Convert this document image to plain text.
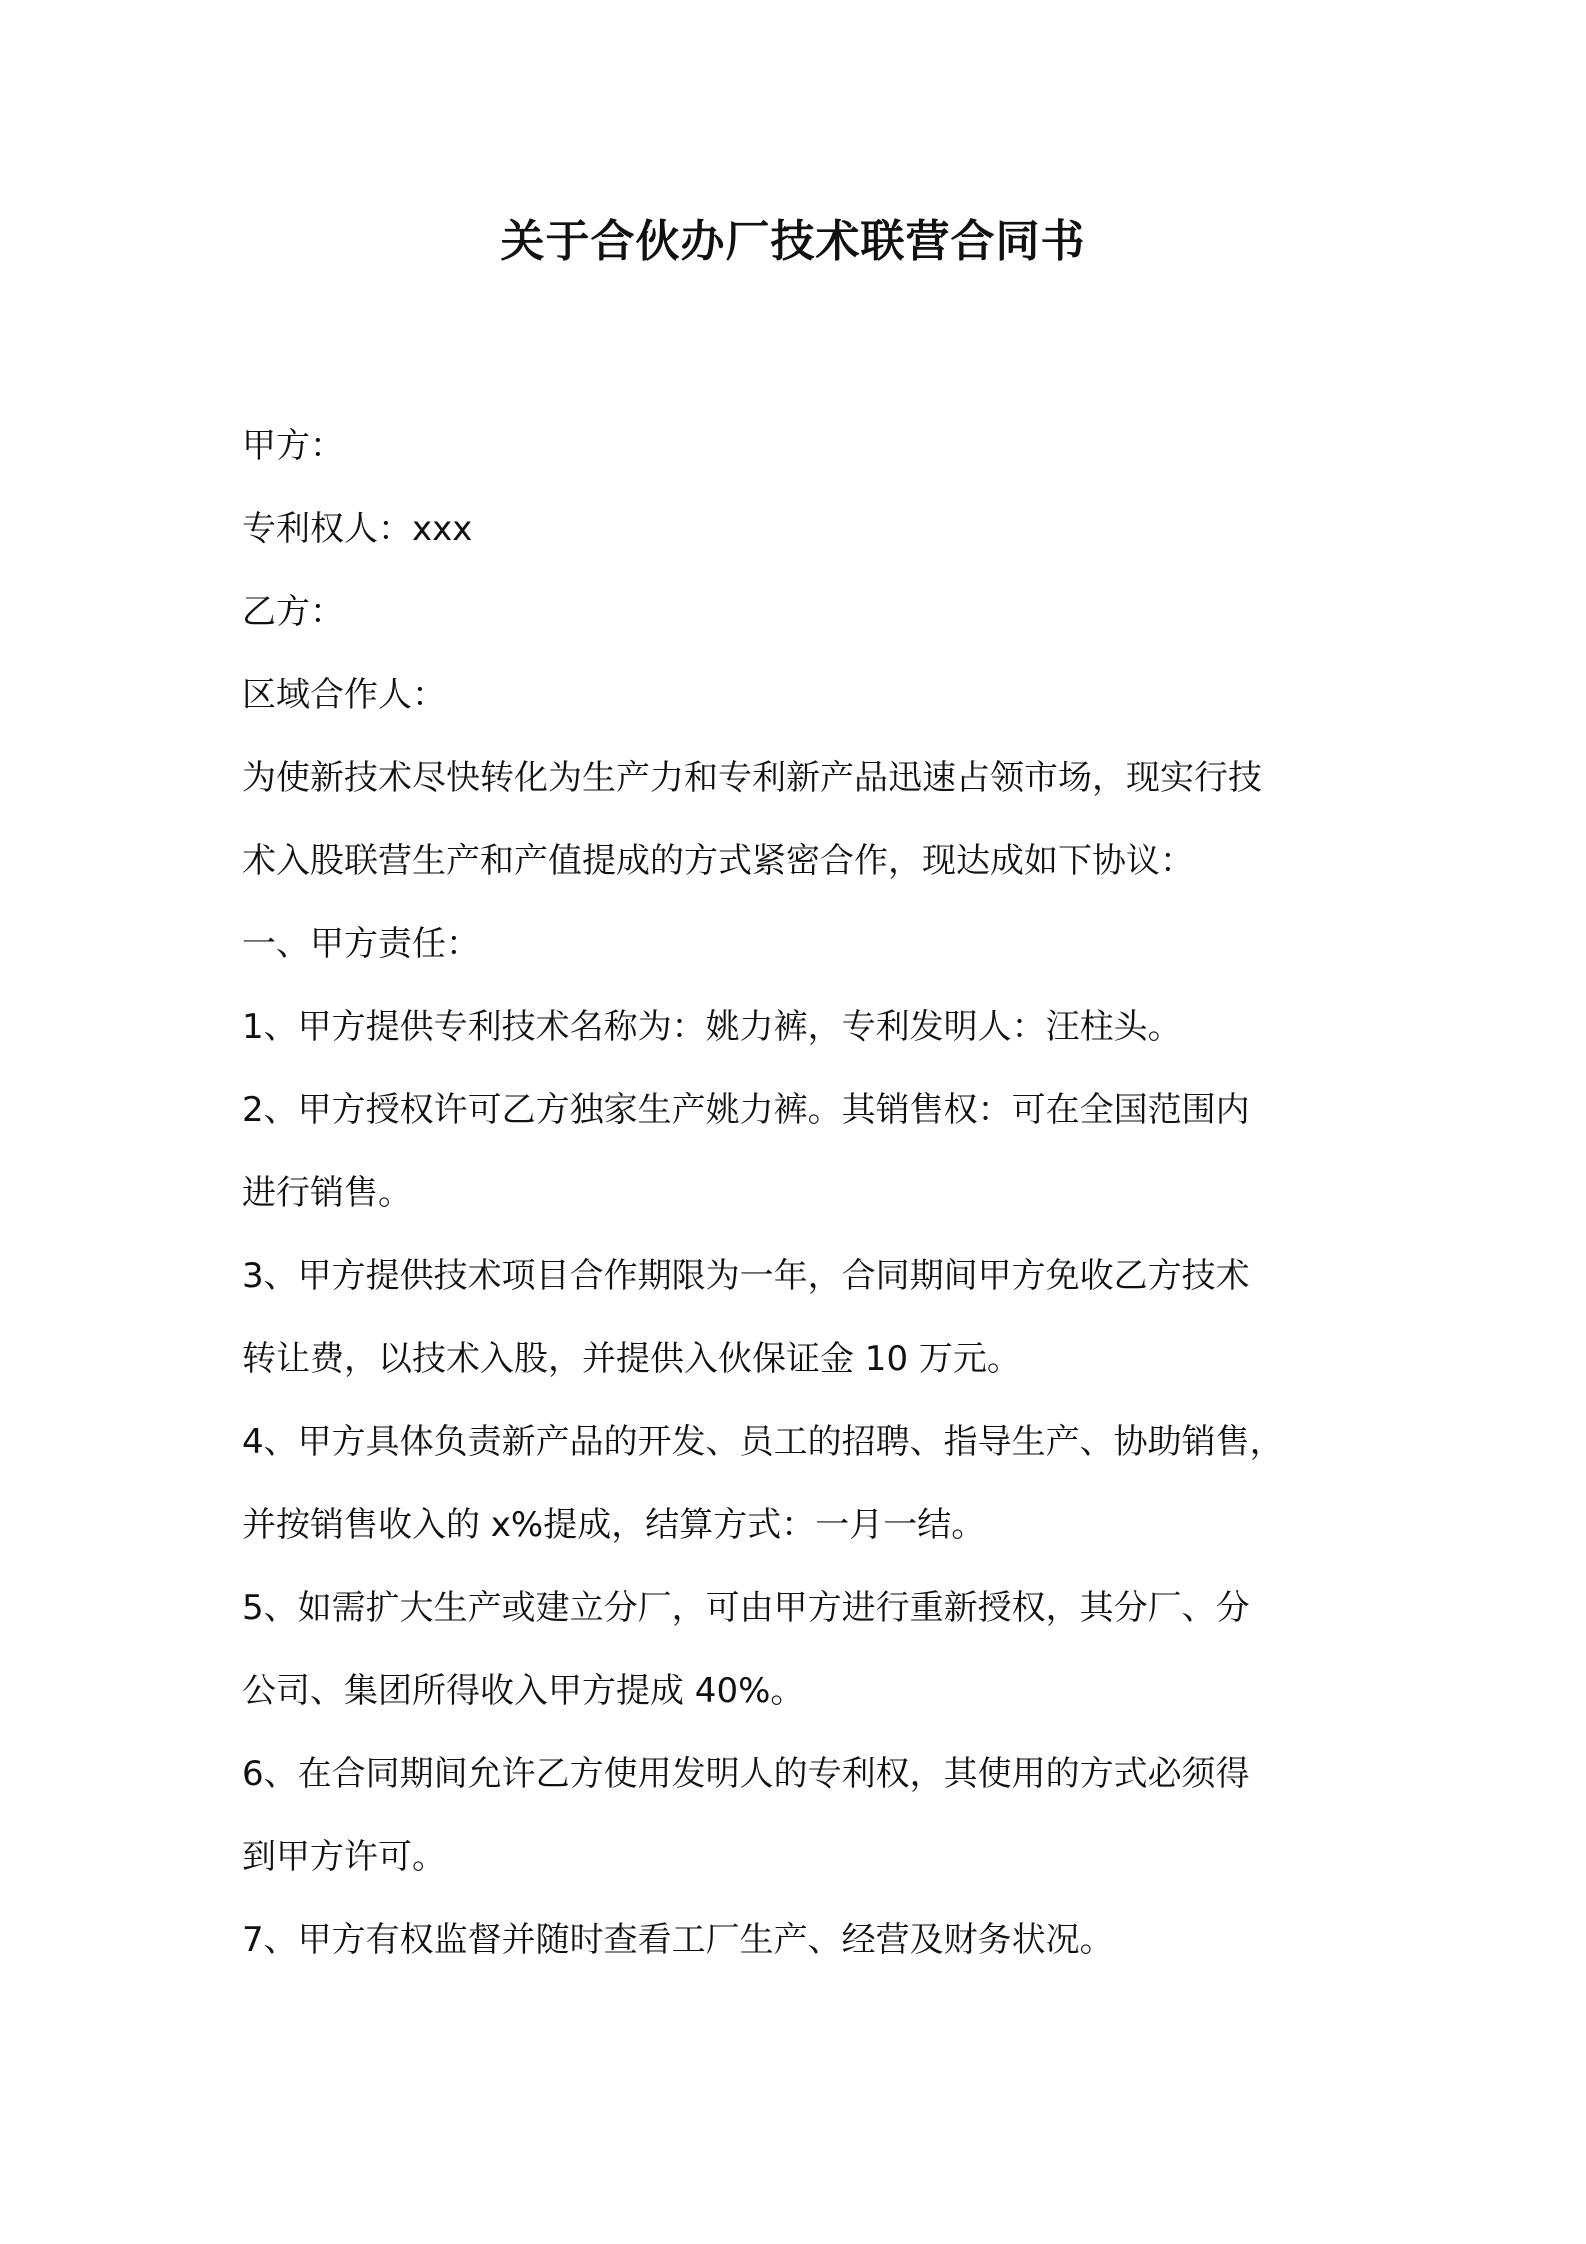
关于合伙办厂技术联营合同书

甲方：

专利权人：xxx

乙方：

区域合作人：

为使新技术尽快转化为生产力和专利新产品迅速占领市场，现实行技

术入股联营生产和产值提成的方式紧密合作，现达成如下协议：

一、甲方责任：

1、甲方提供专利技术名称为：姚力裤，专利发明人：汪柱头。

2、甲方授权许可乙方独家生产姚力裤。其销售权：可在全国范围内

进行销售。

3、甲方提供技术项目合作期限为一年，合同期间甲方免收乙方技术

转让费，以技术入股，并提供入伙保证金 10 万元。

4、甲方具体负责新产品的开发、员工的招聘、指导生产、协助销售，

并按销售收入的 x%提成，结算方式：一月一结。

5、如需扩大生产或建立分厂，可由甲方进行重新授权，其分厂、分

公司、集团所得收入甲方提成 40%。

6、在合同期间允许乙方使用发明人的专利权，其使用的方式必须得

到甲方许可。

7、甲方有权监督并随时查看工厂生产、经营及财务状况。
